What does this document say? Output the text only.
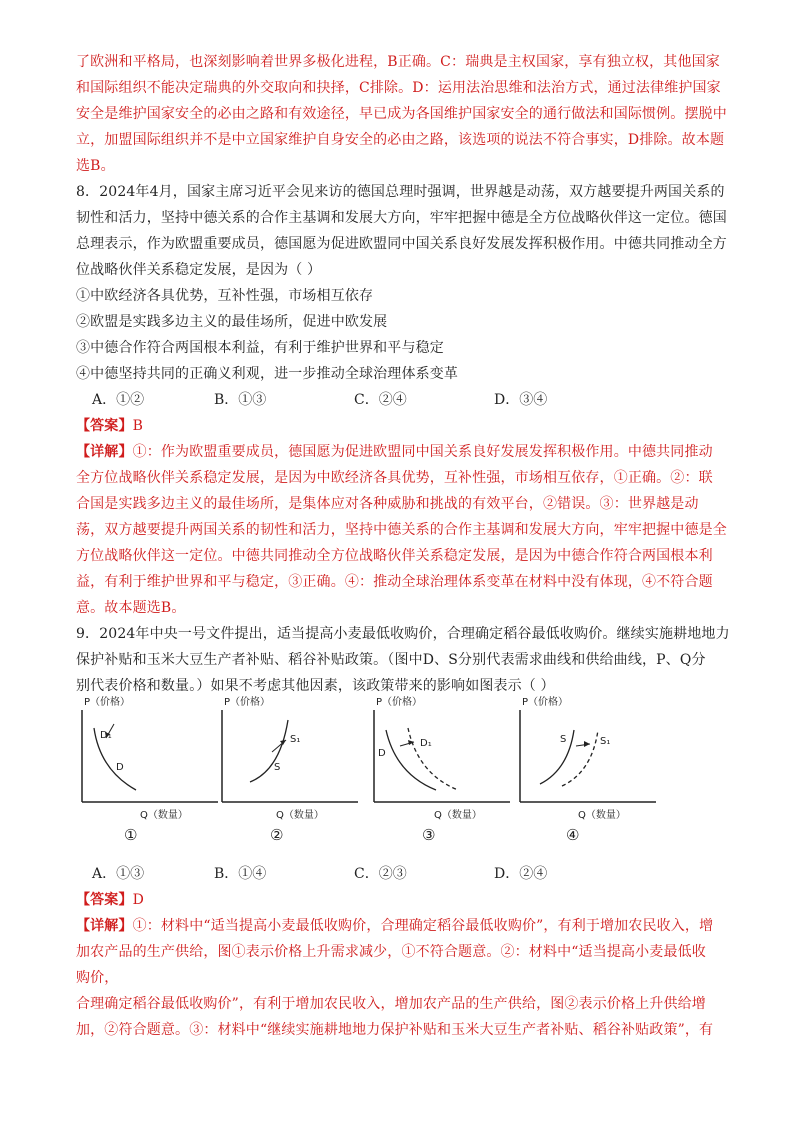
了欧洲和平格局，也深刻影响着世界多极化进程，B正确。C：瑞典是主权国家，享有独立权，其他国家
和国际组织不能决定瑞典的外交取向和抉择，C排除。D：运用法治思维和法治方式，通过法律维护国家
安全是维护国家安全的必由之路和有效途径，早已成为各国维护国家安全的通行做法和国际惯例。摆脱中
立，加盟国际组织并不是中立国家维护自身安全的必由之路，该选项的说法不符合事实，D排除。故本题
选B。
8．2024年4月，国家主席习近平会见来访的德国总理时强调，世界越是动荡，双方越要提升两国关系的
韧性和活力，坚持中德关系的合作主基调和发展大方向，牢牢把握中德是全方位战略伙伴这一定位。德国
总理表示，作为欧盟重要成员，德国愿为促进欧盟同中国关系良好发展发挥积极作用。中德共同推动全方
位战略伙伴关系稳定发展，是因为（ ）
①中欧经济各具优势，互补性强，市场相互依存
②欧盟是实践多边主义的最佳场所，促进中欧发展
③中德合作符合两国根本利益，有利于维护世界和平与稳定
④中德坚持共同的正确义利观，进一步推动全球治理体系变革
A．①②	B．①③	C．②④	D．③④
【答案】B
【详解】①：作为欧盟重要成员，德国愿为促进欧盟同中国关系良好发展发挥积极作用。中德共同推动
全方位战略伙伴关系稳定发展，是因为中欧经济各具优势，互补性强，市场相互依存，①正确。②：联
合国是实践多边主义的最佳场所，是集体应对各种威胁和挑战的有效平台，②错误。③：世界越是动
荡，双方越要提升两国关系的韧性和活力，坚持中德关系的合作主基调和发展大方向，牢牢把握中德是全
方位战略伙伴这一定位。中德共同推动全方位战略伙伴关系稳定发展，是因为中德合作符合两国根本利
益，有利于维护世界和平与稳定，③正确。④：推动全球治理体系变革在材料中没有体现，④不符合题
意。故本题选B。
9．2024年中央一号文件提出，适当提高小麦最低收购价，合理确定稻谷最低收购价。继续实施耕地地力
保护补贴和玉米大豆生产者补贴、稻谷补贴政策。（图中D、S分别代表需求曲线和供给曲线，P、Q分
别代表价格和数量。）如果不考虑其他因素，该政策带来的影响如图表示（ ）
P（价格）
D₁
D
Q（数量）
①
P（价格）
S₁
S
Q（数量）
②
P（价格）
D
D₁
Q（数量）
③
P（价格）
S	S₁
Q（数量）
④
A．①③	B．①④	C．②③	D．②④
【答案】D
【详解】①：材料中“适当提高小麦最低收购价，合理确定稻谷最低收购价”，有利于增加农民收入，增
加农产品的生产供给，图①表示价格上升需求减少，①不符合题意。②：材料中“适当提高小麦最低收
购价，
合理确定稻谷最低收购价”，有利于增加农民收入，增加农产品的生产供给，图②表示价格上升供给增
加，②符合题意。③：材料中“继续实施耕地地力保护补贴和玉米大豆生产者补贴、稻谷补贴政策”，有
